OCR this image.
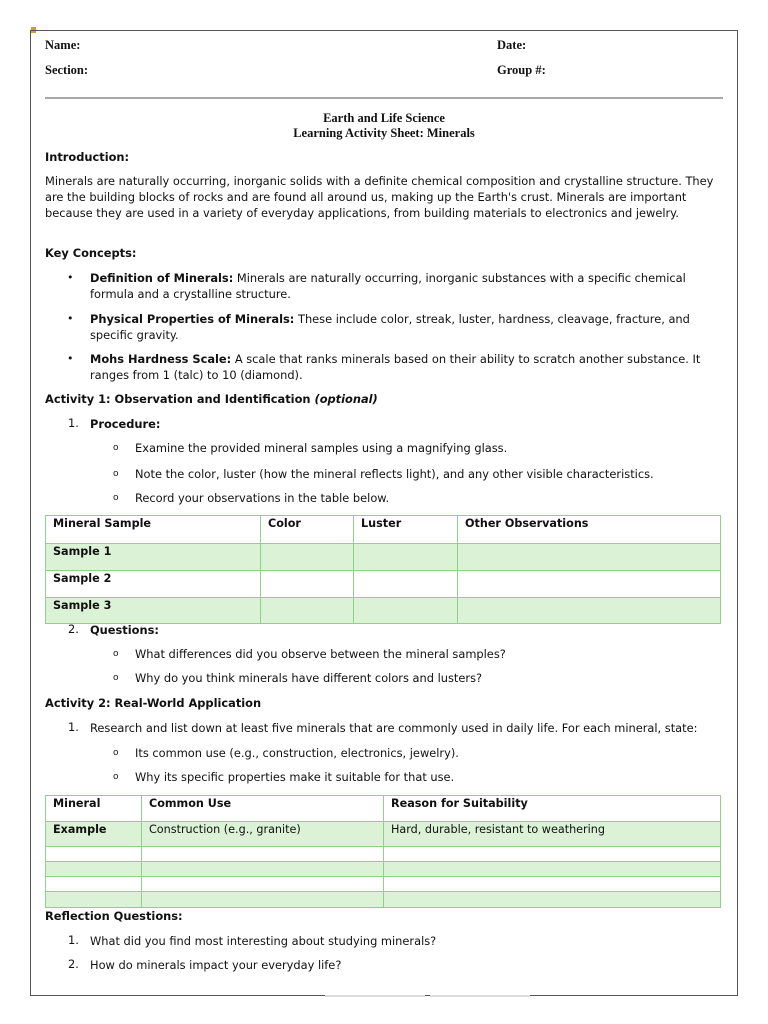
Name:	Date:
Section:	Group #:
Earth and Life Science
Learning Activity Sheet: Minerals
Introduction:
Minerals are naturally occurring, inorganic solids with a definite chemical composition and crystalline structure. They are the building blocks of rocks and are found all around us, making up the Earth's crust. Minerals are important because they are used in a variety of everyday applications, from building materials to electronics and jewelry.
Key Concepts:
• Definition of Minerals: Minerals are naturally occurring, inorganic substances with a specific chemical formula and a crystalline structure.
• Physical Properties of Minerals: These include color, streak, luster, hardness, cleavage, fracture, and specific gravity.
• Mohs Hardness Scale: A scale that ranks minerals based on their ability to scratch another substance. It ranges from 1 (talc) to 10 (diamond).
Activity 1: Observation and Identification (optional)
1. Procedure:
o Examine the provided mineral samples using a magnifying glass.
o Note the color, luster (how the mineral reflects light), and any other visible characteristics.
o Record your observations in the table below.
Mineral Sample	Color	Luster	Other Observations
Sample 1			
Sample 2			
Sample 3			
2. Questions:
o What differences did you observe between the mineral samples?
o Why do you think minerals have different colors and lusters?
Activity 2: Real-World Application
1. Research and list down at least five minerals that are commonly used in daily life. For each mineral, state:
o Its common use (e.g., construction, electronics, jewelry).
o Why its specific properties make it suitable for that use.
Mineral	Common Use	Reason for Suitability
Example	Construction (e.g., granite)	Hard, durable, resistant to weathering

Reflection Questions:
1. What did you find most interesting about studying minerals?
2. How do minerals impact your everyday life?
